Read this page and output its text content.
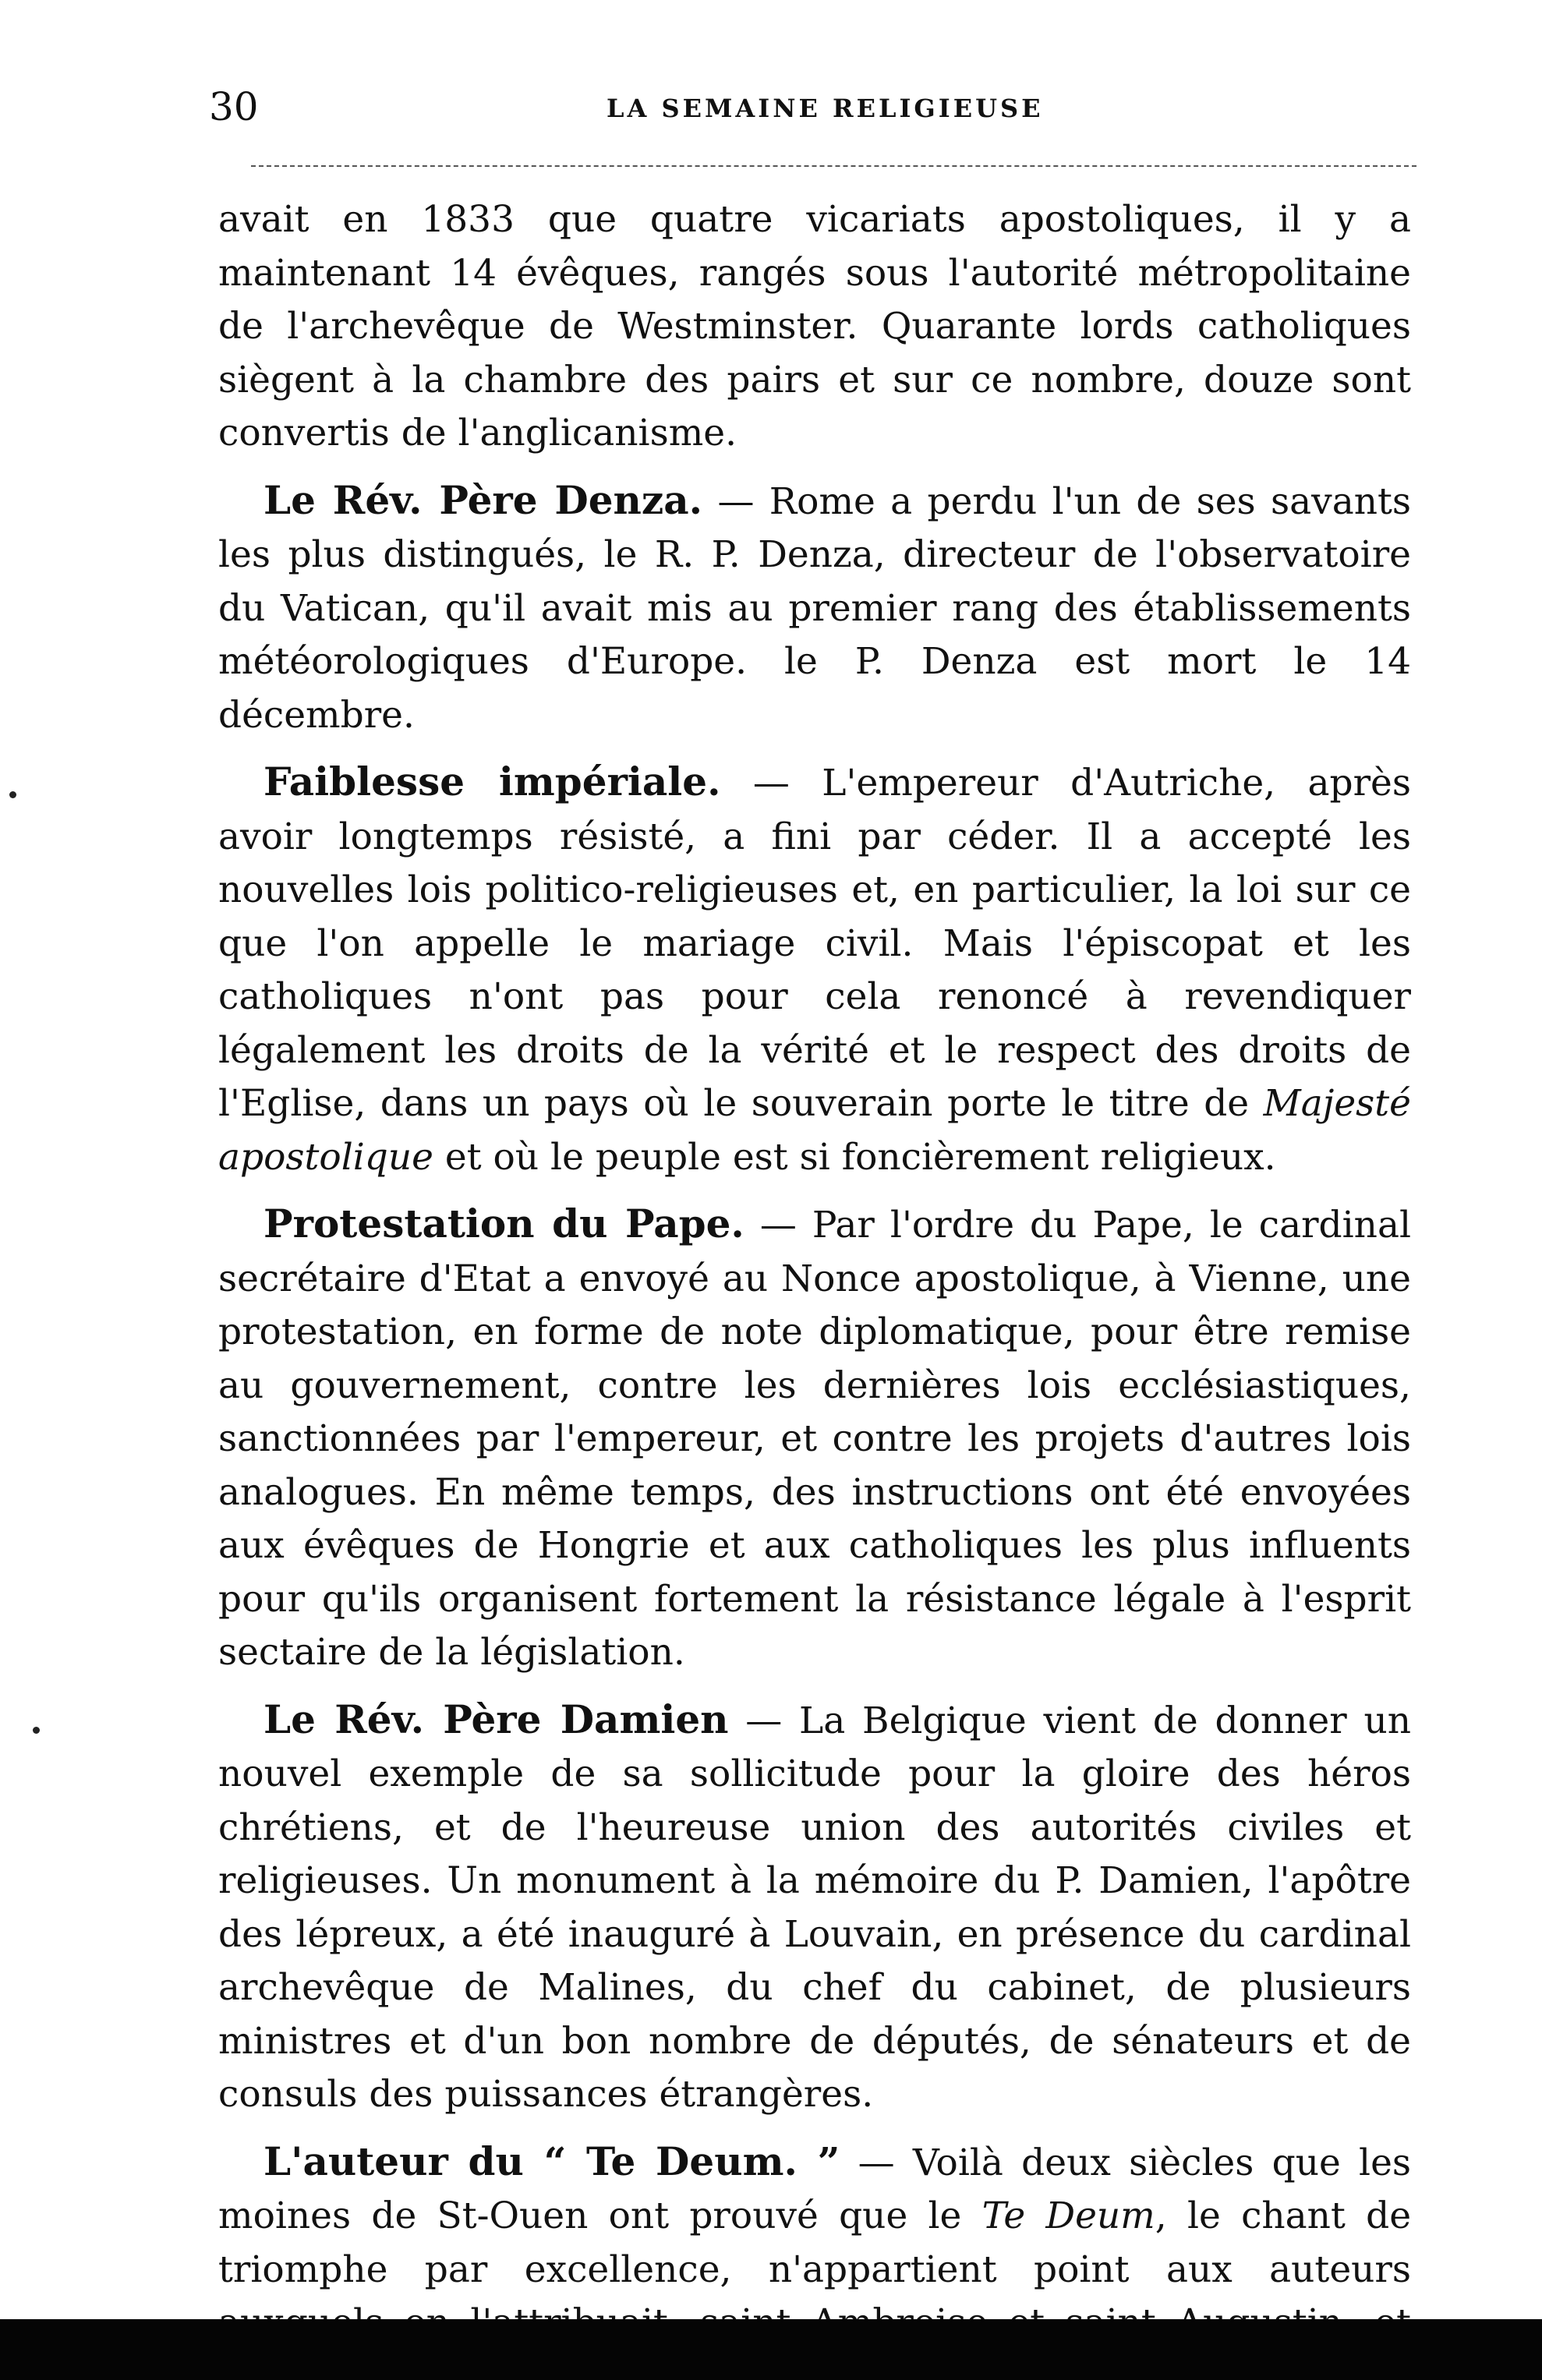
30	LA SEMAINE RELIGIEUSE

avait en 1833 que quatre vicariats apostoliques, il y a maintenant 14 évêques, rangés sous l'autorité métropolitaine de l'archevêque de Westminster. Quarante lords catholiques siègent à la chambre des pairs et sur ce nombre, douze sont convertis de l'anglicanisme.

Le Rév. Père Denza. — Rome a perdu l'un de ses savants les plus distingués, le R. P. Denza, directeur de l'observatoire du Vatican, qu'il avait mis au premier rang des établissements météorologiques d'Europe. le P. Denza est mort le 14 décembre.

Faiblesse impériale. — L'empereur d'Autriche, après avoir longtemps résisté, a fini par céder. Il a accepté les nouvelles lois politico-religieuses et, en particulier, la loi sur ce que l'on appelle le mariage civil. Mais l'épiscopat et les catholiques n'ont pas pour cela renoncé à revendiquer légalement les droits de la vérité et le respect des droits de l'Eglise, dans un pays où le souverain porte le titre de Majesté apostolique et où le peuple est si foncièrement religieux.

Protestation du Pape. — Par l'ordre du Pape, le cardinal secrétaire d'Etat a envoyé au Nonce apostolique, à Vienne, une protestation, en forme de note diplomatique, pour être remise au gouvernement, contre les dernières lois ecclésiastiques, sanctionnées par l'empereur, et contre les projets d'autres lois analogues. En même temps, des instructions ont été envoyées aux évêques de Hongrie et aux catholiques les plus influents pour qu'ils organisent fortement la résistance légale à l'esprit sectaire de la législation.

Le Rév. Père Damien — La Belgique vient de donner un nouvel exemple de sa sollicitude pour la gloire des héros chrétiens, et de l'heureuse union des autorités civiles et religieuses. Un monument à la mémoire du P. Damien, l'apôtre des lépreux, a été inauguré à Louvain, en présence du cardinal archevêque de Malines, du chef du cabinet, de plusieurs ministres et d'un bon nombre de députés, de sénateurs et de consuls des puissances étrangères.

L'auteur du “ Te Deum. ” — Voilà deux siècles que les moines de St-Ouen ont prouvé que le Te Deum, le chant de triomphe par excellence, n'appartient point aux auteurs
